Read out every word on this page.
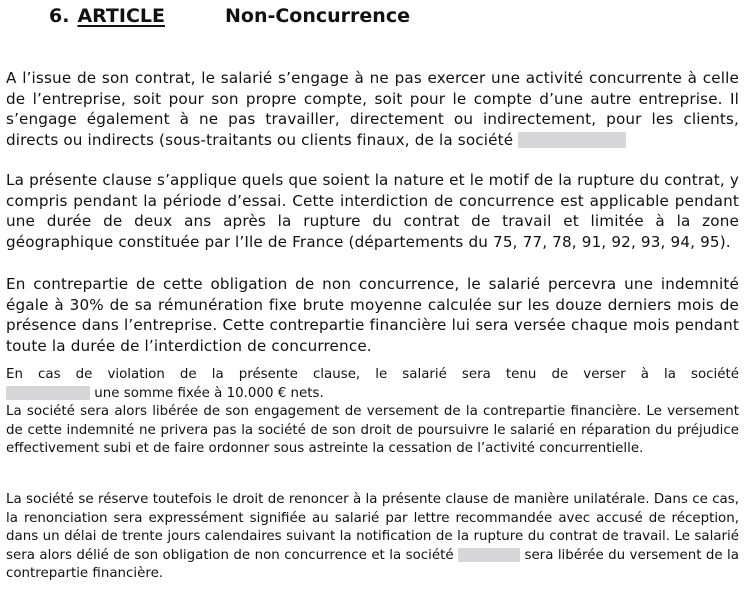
6. ARTICLE	Non-Concurrence

A l’issue de son contrat, le salarié s’engage à ne pas exercer une activité concurrente à celle de l’entreprise, soit pour son propre compte, soit pour le compte d’une autre entreprise. Il s’engage également à ne pas travailler, directement ou indirectement, pour les clients, directs ou indirects (sous-traitants ou clients finaux, de la société

La présente clause s’applique quels que soient la nature et le motif de la rupture du contrat, y compris pendant la période d’essai. Cette interdiction de concurrence est applicable pendant une durée de deux ans après la rupture du contrat de travail et limitée à la zone géographique constituée par l’Ile de France (départements du 75, 77, 78, 91, 92, 93, 94, 95).

En contrepartie de cette obligation de non concurrence, le salarié percevra une indemnité égale à 30% de sa rémunération fixe brute moyenne calculée sur les douze derniers mois de présence dans l’entreprise. Cette contrepartie financière lui sera versée chaque mois pendant toute la durée de l’interdiction de concurrence.

En cas de violation de la présente clause, le salarié sera tenu de verser à la société  une somme fixée à 10.000 € nets.
La société sera alors libérée de son engagement de versement de la contrepartie financière. Le versement de cette indemnité ne privera pas la société de son droit de poursuivre le salarié en réparation du préjudice effectivement subi et de faire ordonner sous astreinte la cessation de l’activité concurrentielle.

La société se réserve toutefois le droit de renoncer à la présente clause de manière unilatérale. Dans ce cas, la renonciation sera expressément signifiée au salarié par lettre recommandée avec accusé de réception, dans un délai de trente jours calendaires suivant la notification de la rupture du contrat de travail. Le salarié sera alors délié de son obligation de non concurrence et la société	sera libérée du versement de la contrepartie financière.
